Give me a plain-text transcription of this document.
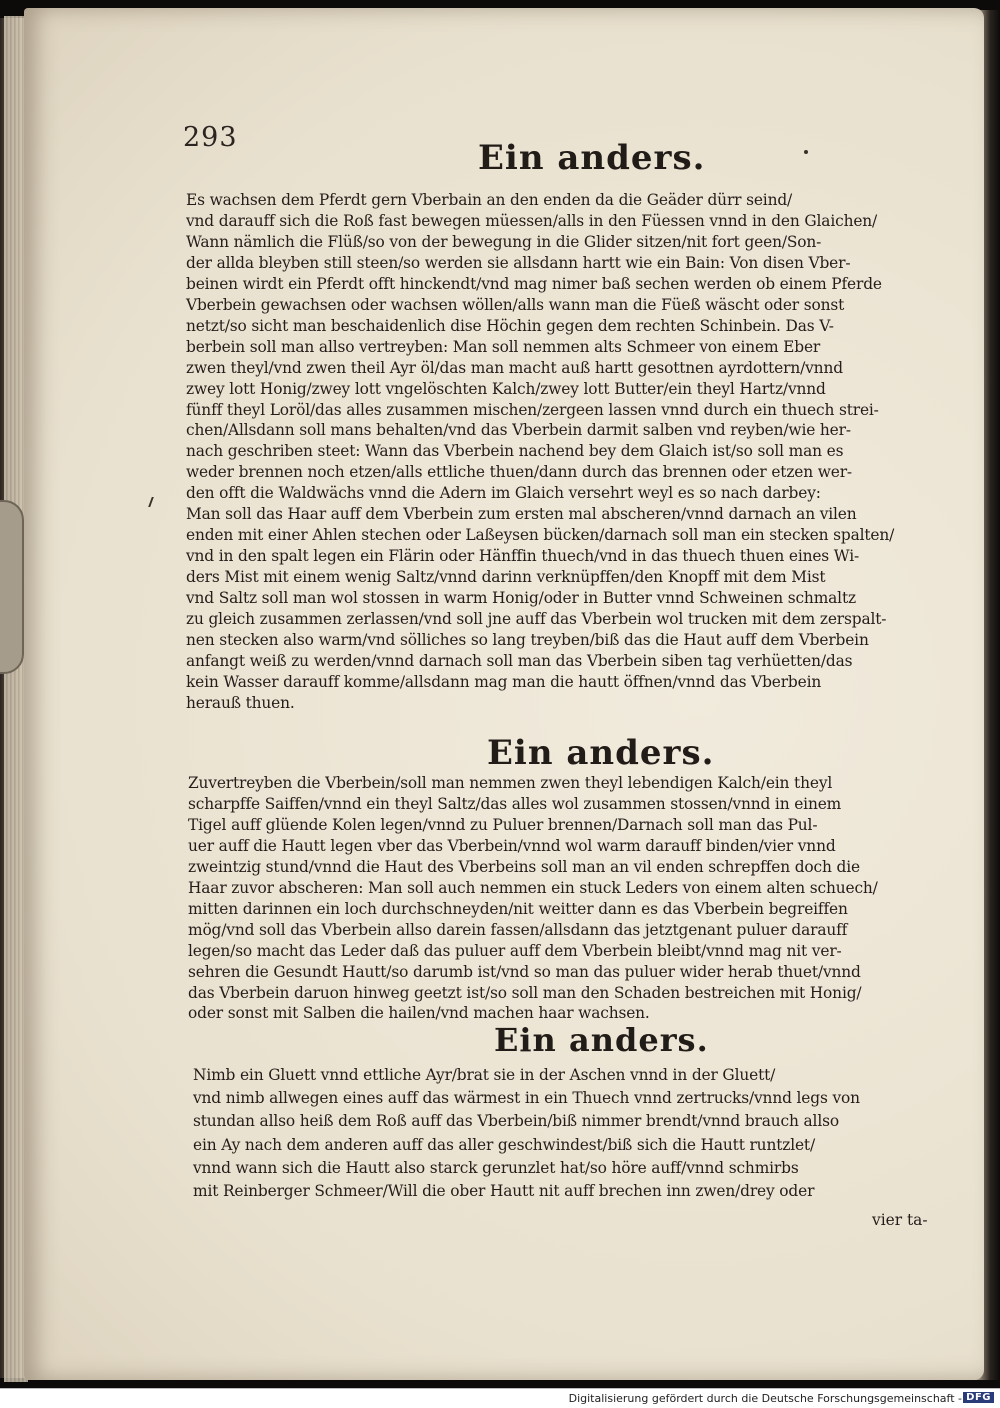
293
Ein anders.
Es wachsen dem Pferdt gern Vberbain an den enden da die Geäder dürr seind/
vnd darauff sich die Roß fast bewegen müessen/alls in den Füessen vnnd in den Glaichen/
Wann nämlich die Flüß/so von der bewegung in die Glider sitzen/nit fort geen/Son-
der allda bleyben still steen/so werden sie allsdann hartt wie ein Bain: Von disen Vber-
beinen wirdt ein Pferdt offt hinckendt/vnd mag nimer baß sechen werden ob einem Pferde
Vberbein gewachsen oder wachsen wöllen/alls wann man die Füeß wäscht oder sonst
netzt/so sicht man beschaidenlich dise Höchin gegen dem rechten Schinbein. Das V-
berbein soll man allso vertreyben: Man soll nemmen alts Schmeer von einem Eber
zwen theyl/vnd zwen theil Ayr öl/das man macht auß hartt gesottnen ayrdottern/vnnd
zwey lott Honig/zwey lott vngelöschten Kalch/zwey lott Butter/ein theyl Hartz/vnnd
fünff theyl Loröl/das alles zusammen mischen/zergeen lassen vnnd durch ein thuech strei-
chen/Allsdann soll mans behalten/vnd das Vberbein darmit salben vnd reyben/wie her-
nach geschriben steet: Wann das Vberbein nachend bey dem Glaich ist/so soll man es
weder brennen noch etzen/alls ettliche thuen/dann durch das brennen oder etzen wer-
den offt die Waldwächs vnnd die Adern im Glaich versehrt weyl es so nach darbey:
Man soll das Haar auff dem Vberbein zum ersten mal abscheren/vnnd darnach an vilen
enden mit einer Ahlen stechen oder Laßeysen bücken/darnach soll man ein stecken spalten/
vnd in den spalt legen ein Flärin oder Hänffin thuech/vnd in das thuech thuen eines Wi-
ders Mist mit einem wenig Saltz/vnnd darinn verknüpffen/den Knopff mit dem Mist
vnd Saltz soll man wol stossen in warm Honig/oder in Butter vnnd Schweinen schmaltz
zu gleich zusammen zerlassen/vnd soll jne auff das Vberbein wol trucken mit dem zerspalt-
nen stecken also warm/vnd sölliches so lang treyben/biß das die Haut auff dem Vberbein
anfangt weiß zu werden/vnnd darnach soll man das Vberbein siben tag verhüetten/das
kein Wasser darauff komme/allsdann mag man die hautt öffnen/vnnd das Vberbein
herauß thuen.
Ein anders.
Zuvertreyben die Vberbein/soll man nemmen zwen theyl lebendigen Kalch/ein theyl
scharpffe Saiffen/vnnd ein theyl Saltz/das alles wol zusammen stossen/vnnd in einem
Tigel auff glüende Kolen legen/vnnd zu Puluer brennen/Darnach soll man das Pul-
uer auff die Hautt legen vber das Vberbein/vnnd wol warm darauff binden/vier vnnd
zweintzig stund/vnnd die Haut des Vberbeins soll man an vil enden schrepffen doch die
Haar zuvor abscheren: Man soll auch nemmen ein stuck Leders von einem alten schuech/
mitten darinnen ein loch durchschneyden/nit weitter dann es das Vberbein begreiffen
mög/vnd soll das Vberbein allso darein fassen/allsdann das jetztgenant puluer darauff
legen/so macht das Leder daß das puluer auff dem Vberbein bleibt/vnnd mag nit ver-
sehren die Gesundt Hautt/so darumb ist/vnd so man das puluer wider herab thuet/vnnd
das Vberbein daruon hinweg geetzt ist/so soll man den Schaden bestreichen mit Honig/
oder sonst mit Salben die hailen/vnd machen haar wachsen.
Ein anders.
Nimb ein Gluett vnnd ettliche Ayr/brat sie in der Aschen vnnd in der Gluett/
vnd nimb allwegen eines auff das wärmest in ein Thuech vnnd zertrucks/vnnd legs von
stundan allso heiß dem Roß auff das Vberbein/biß nimmer brendt/vnnd brauch allso
ein Ay nach dem anderen auff das aller geschwindest/biß sich die Hautt runtzlet/
vnnd wann sich die Hautt also starck gerunzlet hat/so höre auff/vnnd schmirbs
mit Reinberger Schmeer/Will die ober Hautt nit auff brechen inn zwen/drey oder
vier ta-
Digitalisierung gefördert durch die Deutsche Forschungsgemeinschaft - DFG
